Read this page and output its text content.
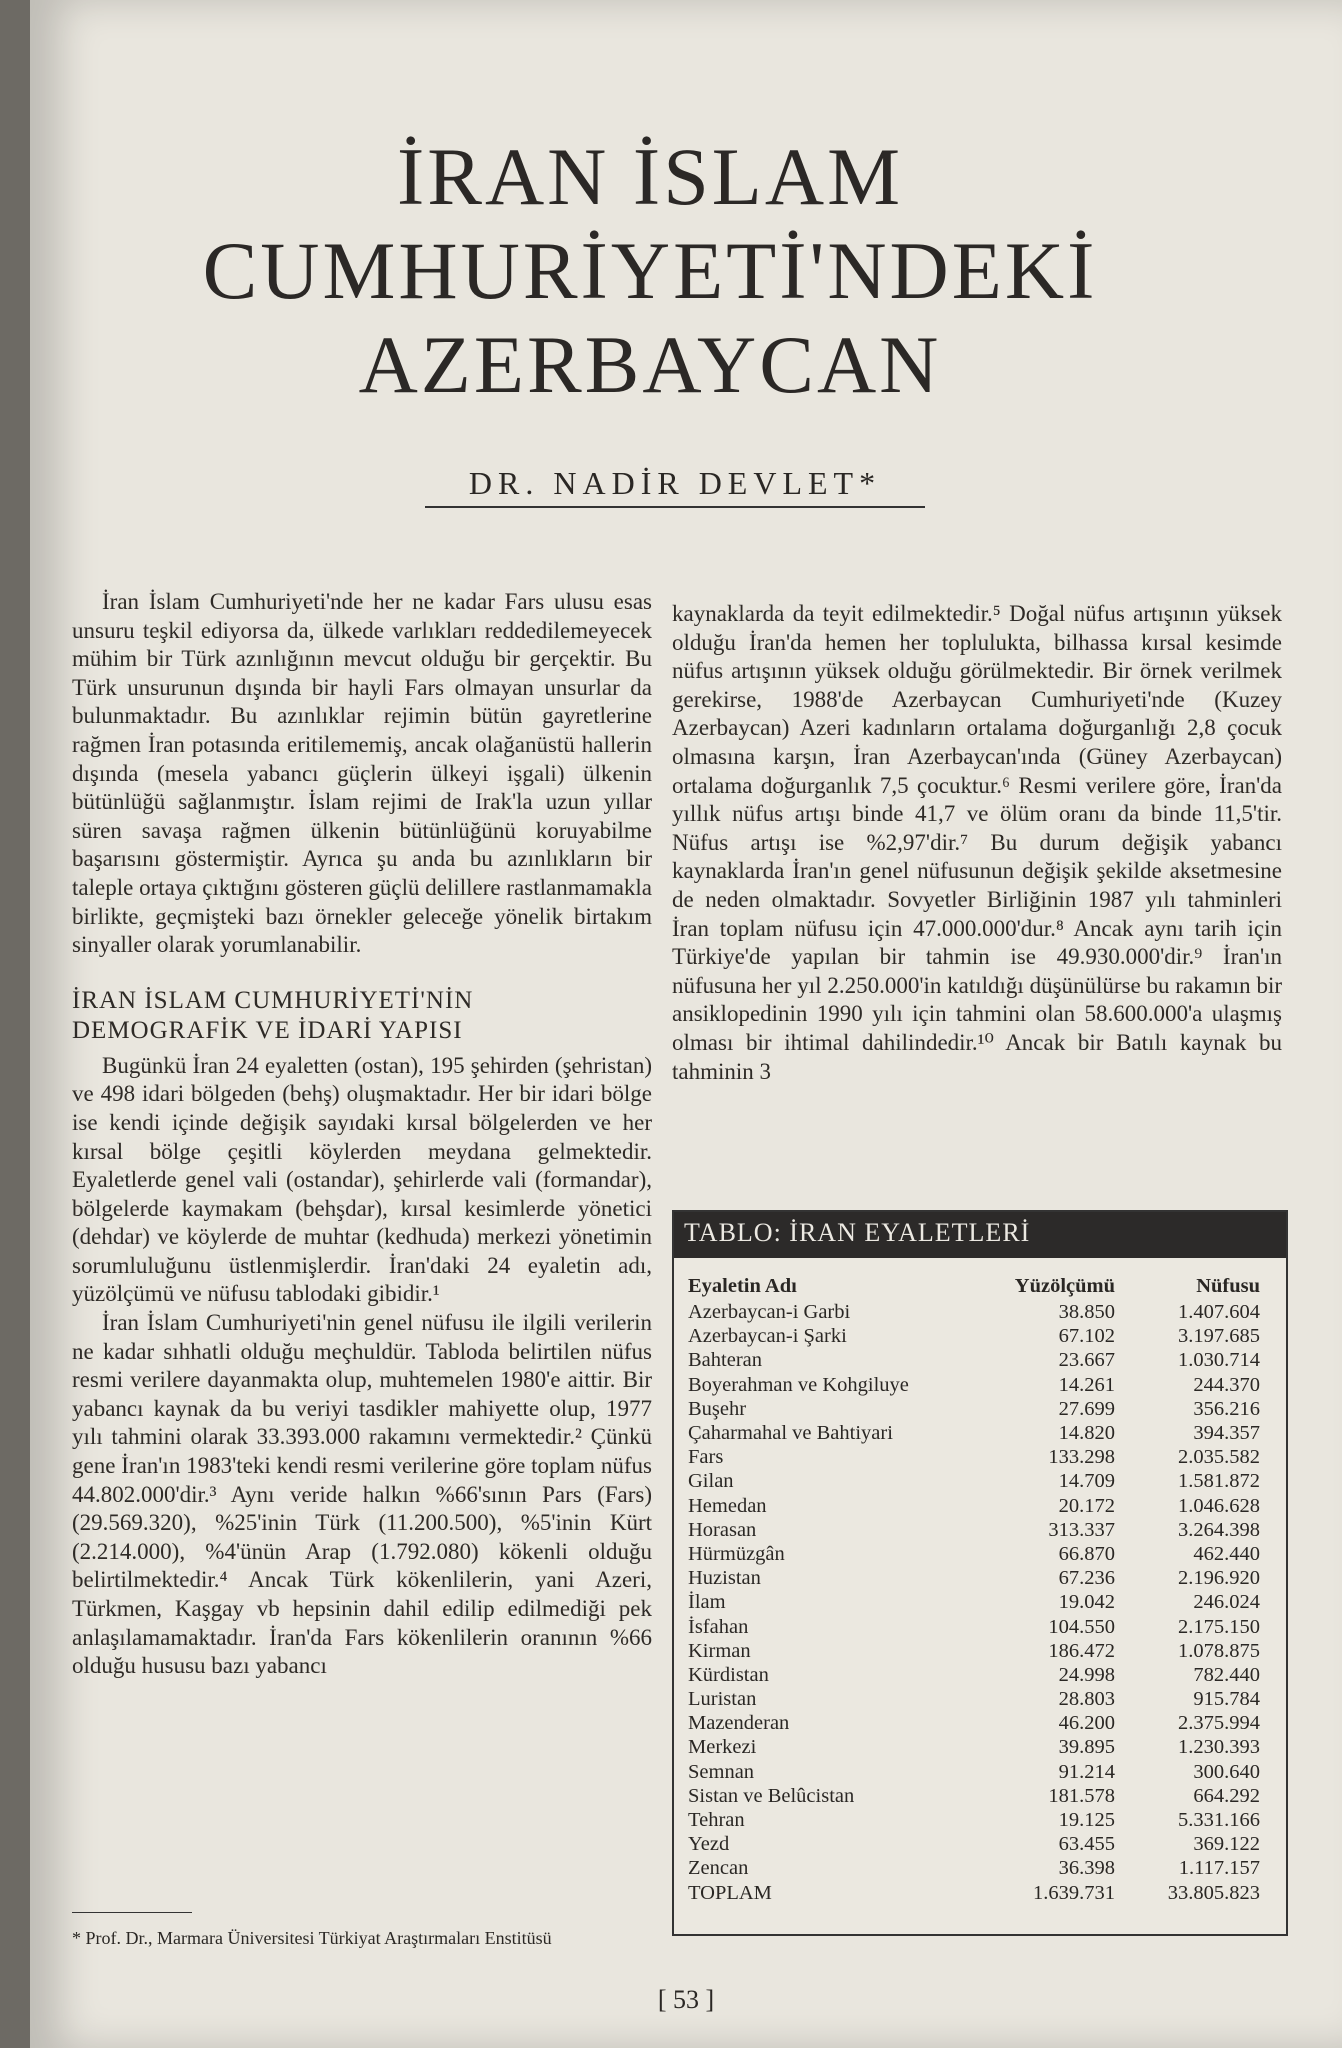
İRAN İSLAM
CUMHURİYETİ'NDEKİ
AZERBAYCAN
DR. NADİR DEVLET*

İran İslam Cumhuriyeti'nde her ne kadar Fars ulusu esas unsuru teşkil ediyorsa da, ülkede varlıkları reddedilemeyecek mühim bir Türk azınlığının mevcut olduğu bir gerçektir. Bu Türk unsurunun dışında bir hayli Fars olmayan unsurlar da bulunmaktadır. Bu azınlıklar rejimin bütün gayretlerine rağmen İran potasında eritilememiş, ancak olağanüstü hallerin dışında (mesela yabancı güçlerin ülkeyi işgali) ülkenin bütünlüğü sağlanmıştır. İslam rejimi de Irak'la uzun yıllar süren savaşa rağmen ülkenin bütünlüğünü koruyabilme başarısını göstermiştir. Ayrıca şu anda bu azınlıkların bir taleple ortaya çıktığını gösteren güçlü delillere rastlanmamakla birlikte, geçmişteki bazı örnekler geleceğe yönelik birtakım sinyaller olarak yorumlanabilir.

İRAN İSLAM CUMHURİYETİ'NİN
DEMOGRAFİK VE İDARİ YAPISI

Bugünkü İran 24 eyaletten (ostan), 195 şehirden (şehristan) ve 498 idari bölgeden (behş) oluşmaktadır. Her bir idari bölge ise kendi içinde değişik sayıdaki kırsal bölgelerden ve her kırsal bölge çeşitli köylerden meydana gelmektedir. Eyaletlerde genel vali (ostandar), şehirlerde vali (formandar), bölgelerde kaymakam (behşdar), kırsal kesimlerde yönetici (dehdar) ve köylerde de muhtar (kedhuda) merkezi yönetimin sorumluluğunu üstlenmişlerdir. İran'daki 24 eyaletin adı, yüzölçümü ve nüfusu tablodaki gibidir.¹

İran İslam Cumhuriyeti'nin genel nüfusu ile ilgili verilerin ne kadar sıhhatli olduğu meçhuldür. Tabloda belirtilen nüfus resmi verilere dayanmakta olup, muhtemelen 1980'e aittir. Bir yabancı kaynak da bu veriyi tasdikler mahiyette olup, 1977 yılı tahmini olarak 33.393.000 rakamını vermektedir.² Çünkü gene İran'ın 1983'teki kendi resmi verilerine göre toplam nüfus 44.802.000'dir.³ Aynı veride halkın %66'sının Pars (Fars) (29.569.320), %25'inin Türk (11.200.500), %5'inin Kürt (2.214.000), %4'ünün Arap (1.792.080) kökenli olduğu belirtilmektedir.⁴ Ancak Türk kökenlilerin, yani Azeri, Türkmen, Kaşgay vb hepsinin dahil edilip edilmediği pek anlaşılamamaktadır. İran'da Fars kökenlilerin oranının %66 olduğu hususu bazı yabancı

kaynaklarda da teyit edilmektedir.⁵ Doğal nüfus artışının yüksek olduğu İran'da hemen her toplulukta, bilhassa kırsal kesimde nüfus artışının yüksek olduğu görülmektedir. Bir örnek verilmek gerekirse, 1988'de Azerbaycan Cumhuriyeti'nde (Kuzey Azerbaycan) Azeri kadınların ortalama doğurganlığı 2,8 çocuk olmasına karşın, İran Azerbaycan'ında (Güney Azerbaycan) ortalama doğurganlık 7,5 çocuktur.⁶ Resmi verilere göre, İran'da yıllık nüfus artışı binde 41,7 ve ölüm oranı da binde 11,5'tir. Nüfus artışı ise %2,97'dir.⁷ Bu durum değişik yabancı kaynaklarda İran'ın genel nüfusunun değişik şekilde aksetmesine de neden olmaktadır. Sovyetler Birliğinin 1987 yılı tahminleri İran toplam nüfusu için 47.000.000'dur.⁸ Ancak aynı tarih için Türkiye'de yapılan bir tahmin ise 49.930.000'dir.⁹ İran'ın nüfusuna her yıl 2.250.000'in katıldığı düşünülürse bu rakamın bir ansiklopedinin 1990 yılı için tahmini olan 58.600.000'a ulaşmış olması bir ihtimal dahilindedir.¹⁰ Ancak bir Batılı kaynak bu tahminin 3

TABLO: İRAN EYALETLERİ
Eyaletin Adı	Yüzölçümü	Nüfusu
Azerbaycan-i Garbi	38.850	1.407.604
Azerbaycan-i Şarki	67.102	3.197.685
Bahteran	23.667	1.030.714
Boyerahman ve Kohgiluye	14.261	244.370
Buşehr	27.699	356.216
Çaharmahal ve Bahtiyari	14.820	394.357
Fars	133.298	2.035.582
Gilan	14.709	1.581.872
Hemedan	20.172	1.046.628
Horasan	313.337	3.264.398
Hürmüzgân	66.870	462.440
Huzistan	67.236	2.196.920
İlam	19.042	246.024
İsfahan	104.550	2.175.150
Kirman	186.472	1.078.875
Kürdistan	24.998	782.440
Luristan	28.803	915.784
Mazenderan	46.200	2.375.994
Merkezi	39.895	1.230.393
Semnan	91.214	300.640
Sistan ve Belûcistan	181.578	664.292
Tehran	19.125	5.331.166
Yezd	63.455	369.122
Zencan	36.398	1.117.157
TOPLAM	1.639.731	33.805.823
* Prof. Dr., Marmara Üniversitesi Türkiyat Araştırmaları Enstitüsü
[ 53 ]
